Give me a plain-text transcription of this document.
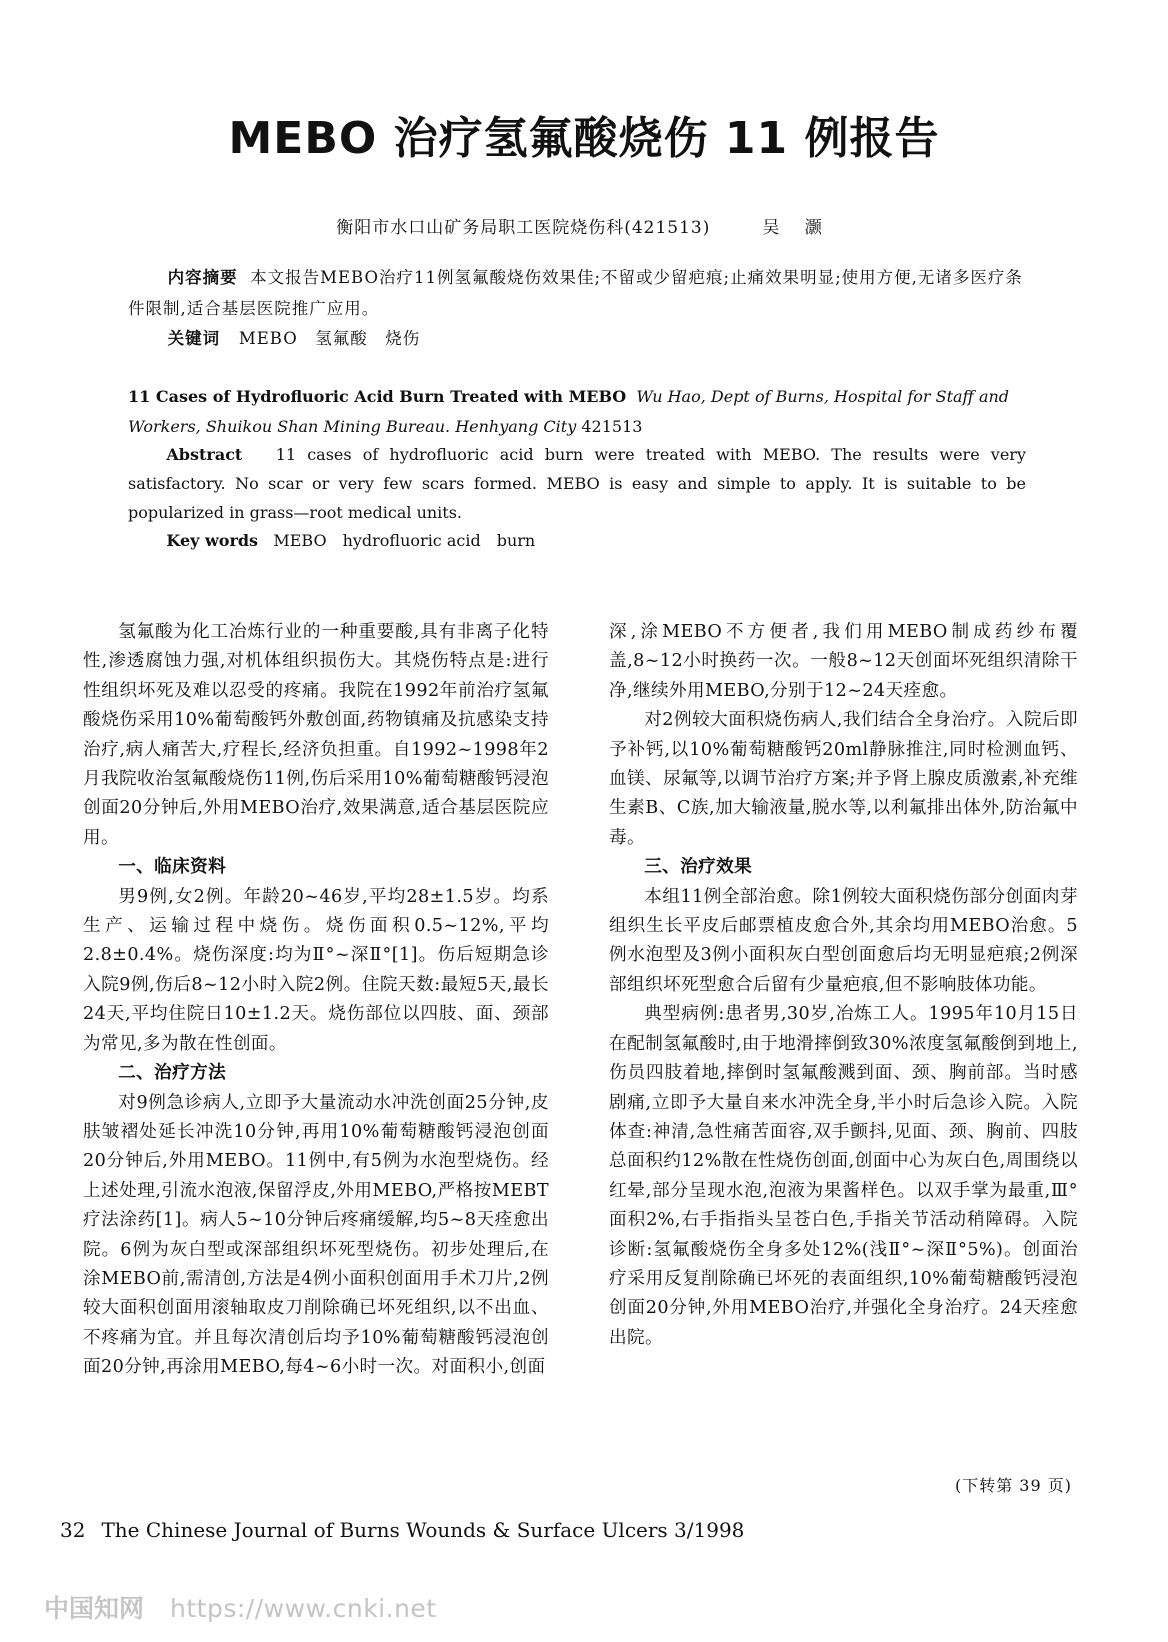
MEBO 治疗氢氟酸烧伤 11 例报告
衡阳市水口山矿务局职工医院烧伤科(421513)	吴 灏
内容摘要 本文报告MEBO治疗11例氢氟酸烧伤效果佳;不留或少留疤痕;止痛效果明显;使用方便,无诸多医疗条件限制,适合基层医院推广应用。
关键词 MEBO　氢氟酸　烧伤
11 Cases of Hydrofluoric Acid Burn Treated with MEBO Wu Hao, Dept of Burns, Hospital for Staff and Workers, Shuikou Shan Mining Bureau. Henhyang City 421513
Abstract 11 cases of hydrofluoric acid burn were treated with MEBO. The results were very satisfactory. No scar or very few scars formed. MEBO is easy and simple to apply. It is suitable to be popularized in grass—root medical units.
Key words MEBO　hydrofluoric acid　burn

氢氟酸为化工冶炼行业的一种重要酸,具有非离子化特性,渗透腐蚀力强,对机体组织损伤大。其烧伤特点是:进行性组织坏死及难以忍受的疼痛。我院在1992年前治疗氢氟酸烧伤采用10%葡萄酸钙外敷创面,药物镇痛及抗感染支持治疗,病人痛苦大,疗程长,经济负担重。自1992~1998年2月我院收治氢氟酸烧伤11例,伤后采用10%葡萄糖酸钙浸泡创面20分钟后,外用MEBO治疗,效果满意,适合基层医院应用。

一、临床资料

男9例,女2例。年龄20~46岁,平均28±1.5岁。均系生产、运输过程中烧伤。烧伤面积0.5~12%,平均2.8±0.4%。烧伤深度:均为Ⅱ°~深Ⅱ°[1]。伤后短期急诊入院9例,伤后8~12小时入院2例。住院天数:最短5天,最长24天,平均住院日10±1.2天。烧伤部位以四肢、面、颈部为常见,多为散在性创面。

二、治疗方法

对9例急诊病人,立即予大量流动水冲洗创面25分钟,皮肤皱褶处延长冲洗10分钟,再用10%葡萄糖酸钙浸泡创面20分钟后,外用MEBO。11例中,有5例为水泡型烧伤。经上述处理,引流水泡液,保留浮皮,外用MEBO,严格按MEBT疗法涂药[1]。病人5~10分钟后疼痛缓解,均5~8天痊愈出院。6例为灰白型或深部组织坏死型烧伤。初步处理后,在涂MEBO前,需清创,方法是4例小面积创面用手术刀片,2例较大面积创面用滚轴取皮刀削除确已坏死组织,以不出血、不疼痛为宜。并且每次清创后均予10%葡萄糖酸钙浸泡创面20分钟,再涂用MEBO,每4~6小时一次。对面积小,创面

深,涂MEBO不方便者,我们用MEBO制成药纱布覆盖,8~12小时换药一次。一般8~12天创面坏死组织清除干净,继续外用MEBO,分别于12~24天痊愈。

对2例较大面积烧伤病人,我们结合全身治疗。入院后即予补钙,以10%葡萄糖酸钙20ml静脉推注,同时检测血钙、血镁、尿氟等,以调节治疗方案;并予肾上腺皮质激素,补充维生素B、C族,加大输液量,脱水等,以利氟排出体外,防治氟中毒。

三、治疗效果

本组11例全部治愈。除1例较大面积烧伤部分创面肉芽组织生长平皮后邮票植皮愈合外,其余均用MEBO治愈。5例水泡型及3例小面积灰白型创面愈后均无明显疤痕;2例深部组织坏死型愈合后留有少量疤痕,但不影响肢体功能。

典型病例:患者男,30岁,冶炼工人。1995年10月15日在配制氢氟酸时,由于地滑摔倒致30%浓度氢氟酸倒到地上,伤员四肢着地,摔倒时氢氟酸溅到面、颈、胸前部。当时感剧痛,立即予大量自来水冲洗全身,半小时后急诊入院。入院体查:神清,急性痛苦面容,双手颤抖,见面、颈、胸前、四肢总面积约12%散在性烧伤创面,创面中心为灰白色,周围绕以红晕,部分呈现水泡,泡液为果酱样色。以双手掌为最重,Ⅲ°面积2%,右手指指头呈苍白色,手指关节活动稍障碍。入院诊断:氢氟酸烧伤全身多处12%(浅Ⅱ°~深Ⅱ°5%)。创面治疗采用反复削除确已坏死的表面组织,10%葡萄糖酸钙浸泡创面20分钟,外用MEBO治疗,并强化全身治疗。24天痊愈出院。

(下转第 39 页)
32 The Chinese Journal of Burns Wounds & Surface Ulcers 3/1998
中国知网 https://www.cnki.net
